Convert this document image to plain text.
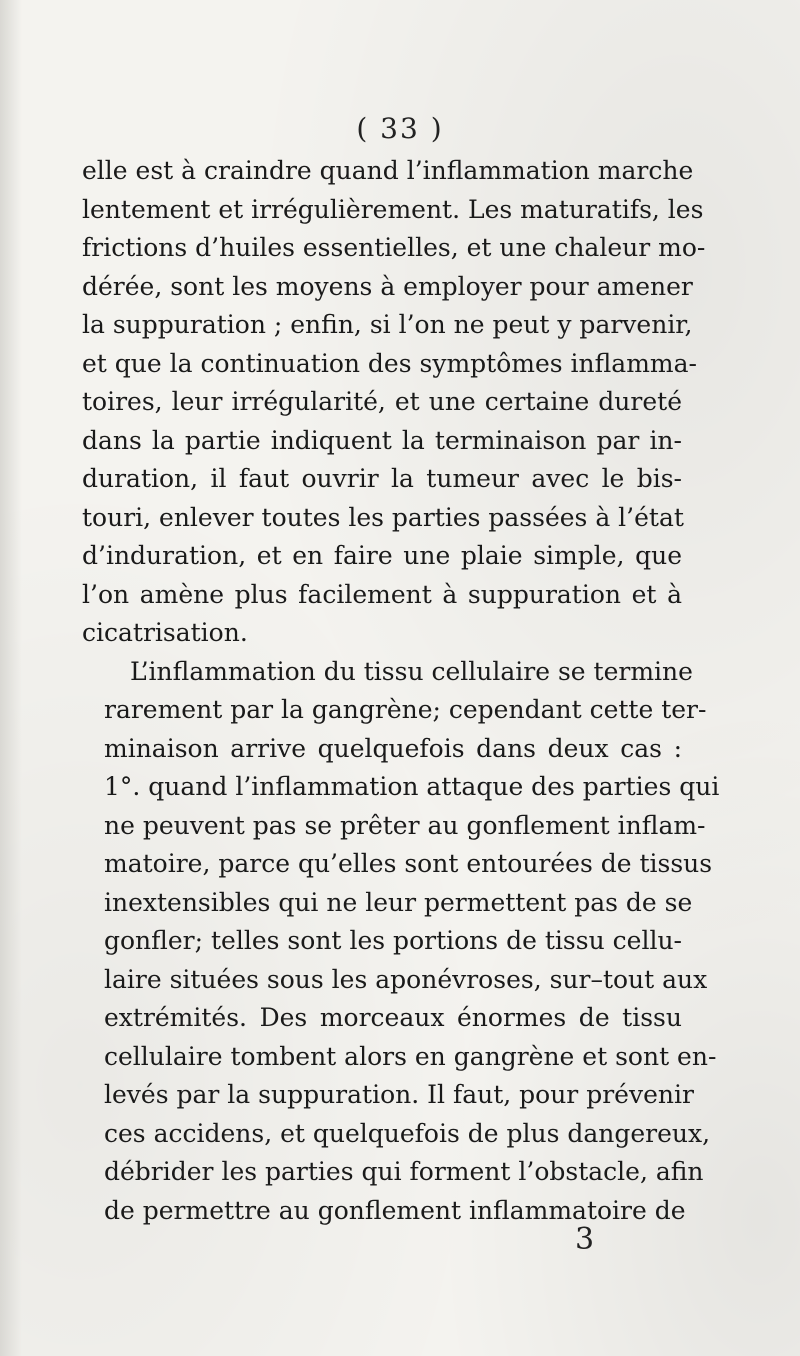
( 33 )
elle est à craindre quand l’inflammation marche
lentement et irrégulièrement. Les maturatifs, les
frictions d’huiles essentielles, et une chaleur mo-
dérée, sont les moyens à employer pour amener
la suppuration ; enfin, si l’on ne peut y parvenir,
et que la continuation des symptômes inflamma-
toires, leur irrégularité, et une certaine dureté
dans la partie indiquent la terminaison par in-
duration, il faut ouvrir la tumeur avec le bis-
touri, enlever toutes les parties passées à l’état
d’induration, et en faire une plaie simple, que
l’on amène plus facilement à suppuration et à
cicatrisation.
L’inflammation du tissu cellulaire se termine
rarement par la gangrène; cependant cette ter-
minaison arrive quelquefois dans deux cas :
1°. quand l’inflammation attaque des parties qui
ne peuvent pas se prêter au gonflement inflam-
matoire, parce qu’elles sont entourées de tissus
inextensibles qui ne leur permettent pas de se
gonfler; telles sont les portions de tissu cellu-
laire situées sous les aponévroses, sur–tout aux
extrémités. Des morceaux énormes de tissu
cellulaire tombent alors en gangrène et sont en-
levés par la suppuration. Il faut, pour prévenir
ces accidens, et quelquefois de plus dangereux,
débrider les parties qui forment l’obstacle, afin
de permettre au gonflement inflammatoire de
3
